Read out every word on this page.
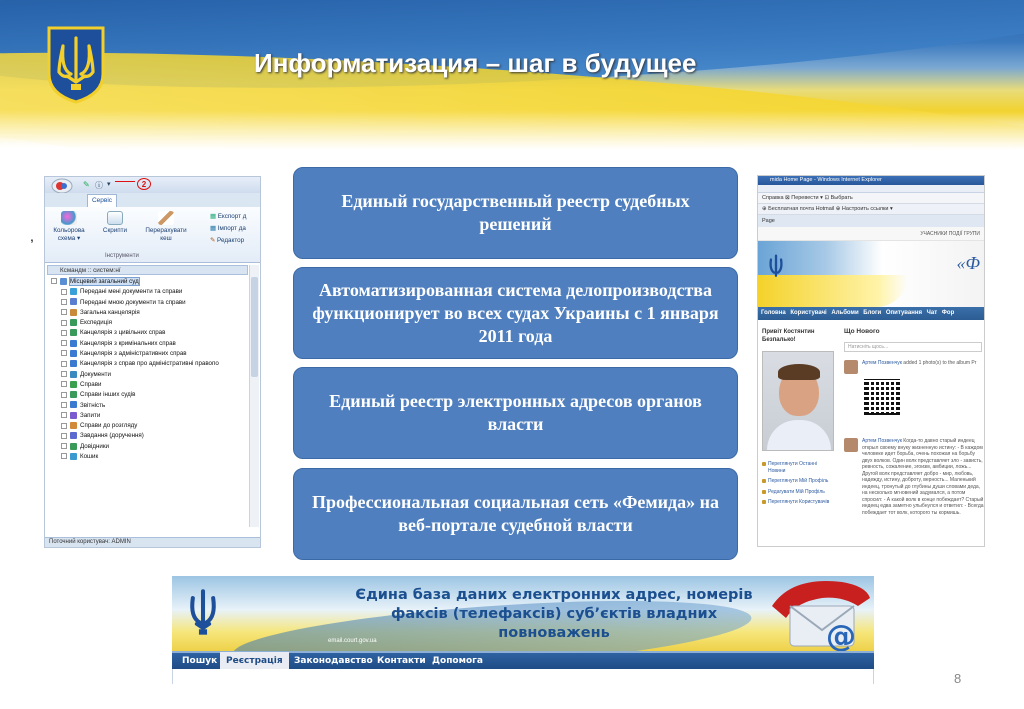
Информатизация – шаг в будущее
,
✎ ⓘ ▾	2
Сервіс
Кольорова схема ▾
Скрипти	Перерахувати кеш
▦ Експорт д
▦ Імпорт да
✎ Редактор
Інструменти
Ксмандм :: систем:нї
Місцевий загальний суд
Передані мені документи та справи
Передані мною документи та справи
Загальна канцелярія
Експедиція
Канцелярія з цивільних справ
Канцелярія з кримінальних справ
Канцелярія з адміністративних справ
Канцелярія з справ про адміністративні правопо
Документи
Справи
Справи інших судів
Звітність
Запити
Справи до розгляду
Завдання (доручення)
Довідники
Кошик
Поточний користувач: ADMIN
Единый государственный реестр судебных решений
Автоматизированная система делопроизводства функционирует во всех судах Украины с 1 января 2011 года
Единый реестр электронных адресов органов власти
Профессиональная социальная сеть «Фемида» на веб-портале судебной власти
mida Home Page - Windows Internet Explorer
Справка ⊠ Перевести ▾ ⊡ Выбрать
⊕ Бесплатная почта Hotmail ⊕ Настроить ссылки ▾
Page
УЧАСНИКИ ПОДІЇ ГРУПИ
«Ф
Головна Користувачі Альбоми Блоги Опитування Чат Фор
Привіт Костянтин Безпалько!
Переглянути Останні Новини
Переглянути Мій Профіль
Редагувати Мій Профіль
Переглянути Користувачів
Що Нового
Натисніть щось...
Артем Позвенчук added 1 photo(s) to the album Pr
Артем Позвенчук Когда-то давно старый индеец открыл своему внуку жизненную истину: - В каждом человеке идет борьба, очень похожая на борьбу двух волков. Один волк представляет зло - зависть, ревность, сожаление, эгоизм, амбиции, ложь... Другой волк представляет добро - мир, любовь, надежду, истину, доброту, верность... Маленький индеец, тронутый до глубины души словами деда, на несколько мгновений задумался, а потом спросил: - А какой волк в конце побеждает? Старый индеец едва заметно улыбнулся и ответил: - Всегда побеждает тот волк, которого ты кормишь.
Єдина база даних електронних адрес, номерів факсів (телефаксів) суб’єктів владних повноважень
email.court.gov.ua	@
Пошук Реєстрація	Законодавство Контакти Допомога
8
